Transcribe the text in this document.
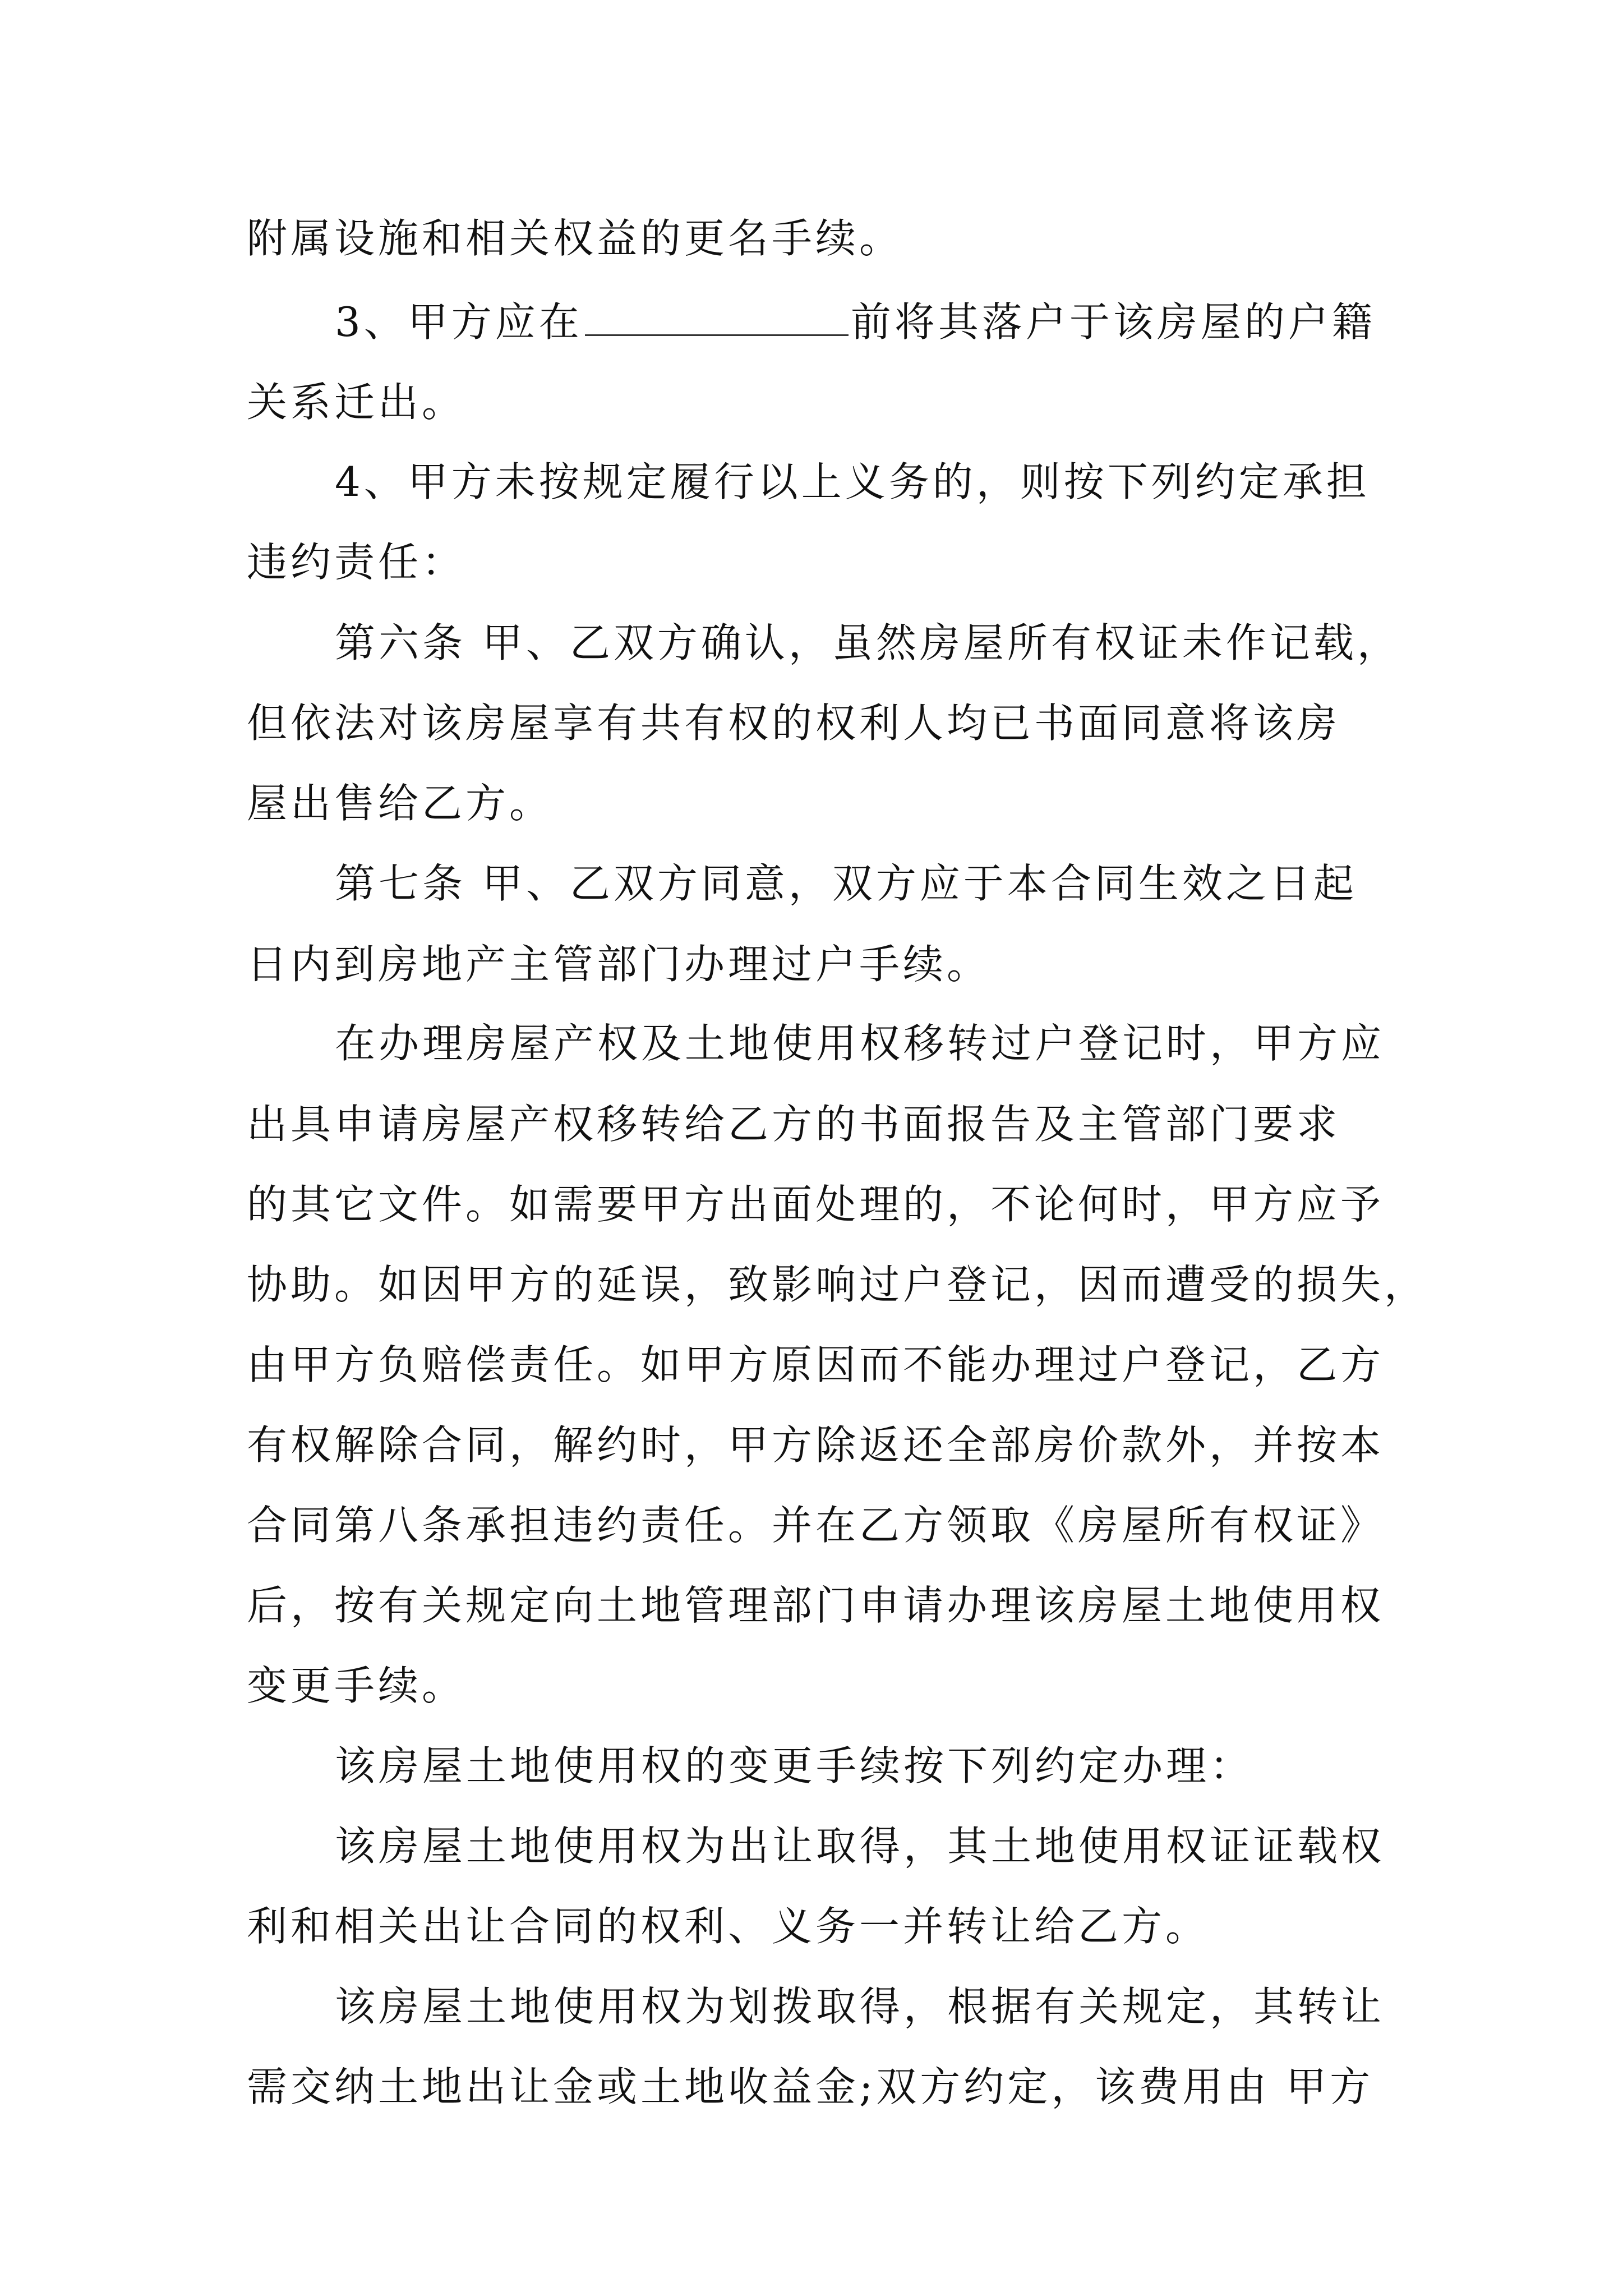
附属设施和相关权益的更名手续。
3、甲方应在	前将其落户于该房屋的户籍
关系迁出。
4、甲方未按规定履行以上义务的，则按下列约定承担
违约责任：
第六条 甲、乙双方确认，虽然房屋所有权证未作记载，
但依法对该房屋享有共有权的权利人均已书面同意将该房
屋出售给乙方。
第七条 甲、乙双方同意，双方应于本合同生效之日起
日内到房地产主管部门办理过户手续。
在办理房屋产权及土地使用权移转过户登记时，甲方应
出具申请房屋产权移转给乙方的书面报告及主管部门要求
的其它文件。如需要甲方出面处理的，不论何时，甲方应予
协助。如因甲方的延误，致影响过户登记，因而遭受的损失，
由甲方负赔偿责任。如甲方原因而不能办理过户登记，乙方
有权解除合同，解约时，甲方除返还全部房价款外，并按本
合同第八条承担违约责任。并在乙方领取《房屋所有权证》
后，按有关规定向土地管理部门申请办理该房屋土地使用权
变更手续。
该房屋土地使用权的变更手续按下列约定办理：
该房屋土地使用权为出让取得，其土地使用权证证载权
利和相关出让合同的权利、义务一并转让给乙方。
该房屋土地使用权为划拨取得，根据有关规定，其转让
需交纳土地出让金或土地收益金;双方约定，该费用由 甲方
